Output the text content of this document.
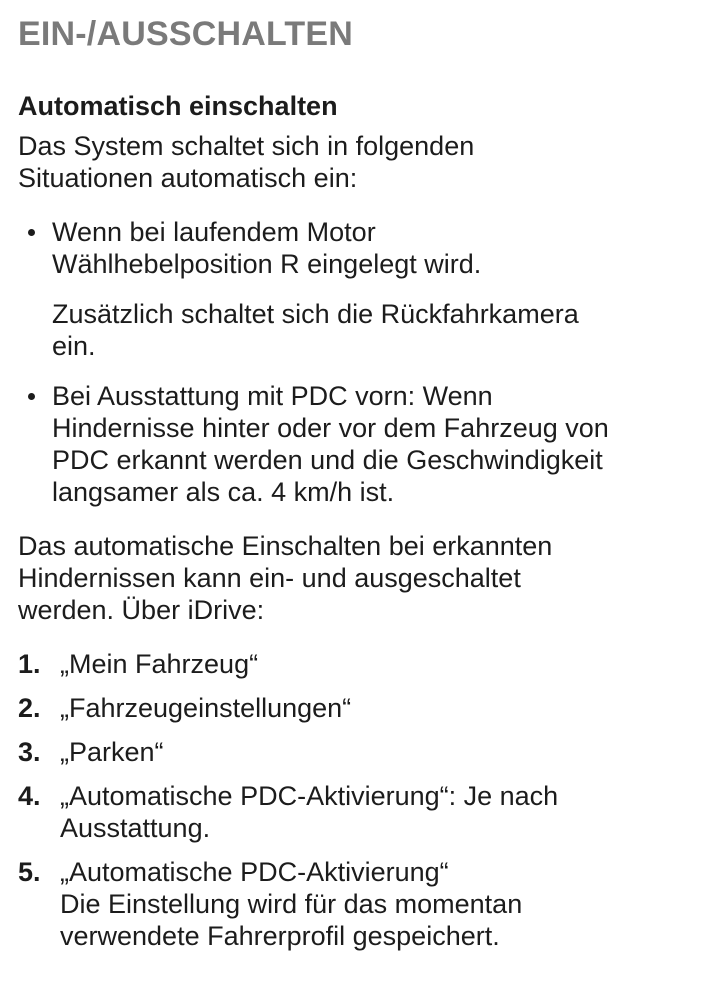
EIN-/AUSSCHALTEN
Automatisch einschalten

Das System schaltet sich in folgenden
Situationen automatisch ein:

Wenn bei laufendem Motor
Wählhebelposition R eingelegt wird.
Zusätzlich schaltet sich die Rückfahrkamera
ein.
Bei Ausstattung mit PDC vorn: Wenn
Hindernisse hinter oder vor dem Fahrzeug von
PDC erkannt werden und die Geschwindigkeit
langsamer als ca. 4 km/h ist.

Das automatische Einschalten bei erkannten
Hindernissen kann ein- und ausgeschaltet
werden. Über iDrive:

1. „Mein Fahrzeug“
2. „Fahrzeugeinstellungen“
3. „Parken“
4. „Automatische PDC-Aktivierung“: Je nach
Ausstattung.
5. „Automatische PDC-Aktivierung“
Die Einstellung wird für das momentan
verwendete Fahrerprofil gespeichert.
